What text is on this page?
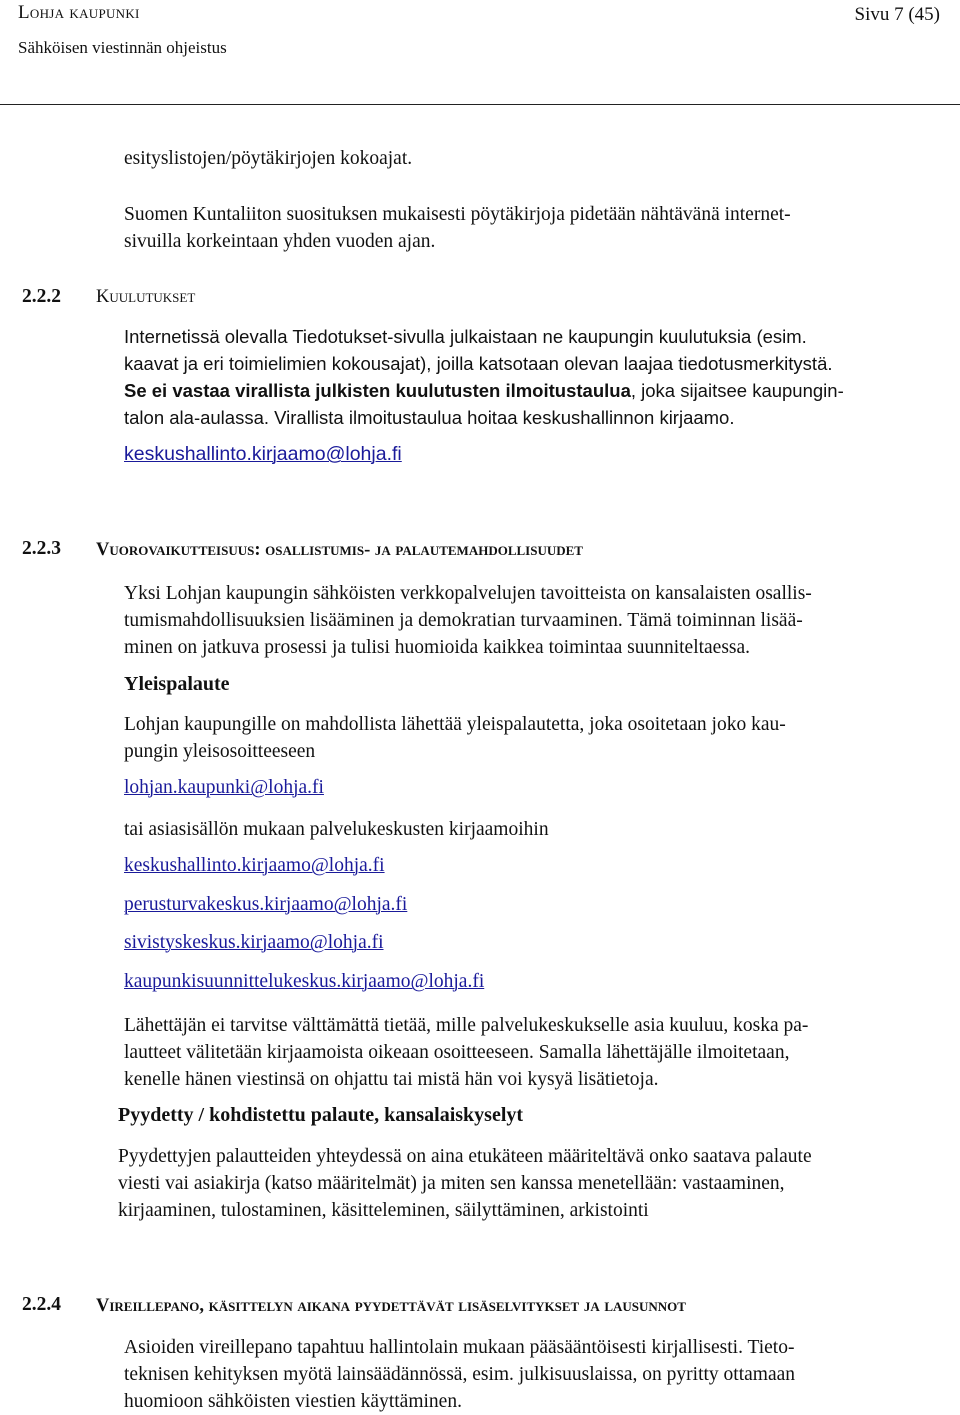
Lohja kaupunki
Sähköisen viestinnän ohjeistus
Sivu 7 (45)
esityslistojen/pöytäkirjojen kokoajat.
Suomen Kuntaliiton suosituksen mukaisesti pöytäkirjoja pidetään nähtävänä internet-
sivuilla korkeintaan yhden vuoden ajan.
2.2.2 Kuulutukset
Internetissä olevalla Tiedotukset-sivulla julkaistaan ne kaupungin kuulutuksia (esim.
kaavat ja eri toimielimien kokousajat), joilla katsotaan olevan laajaa tiedotusmerkitystä.
Se ei vastaa virallista julkisten kuulutusten ilmoitustaulua, joka sijaitsee kaupungin-
talon ala-aulassa. Virallista ilmoitustaulua hoitaa keskushallinnon kirjaamo.
keskushallinto.kirjaamo@lohja.fi
2.2.3 Vuorovaikutteisuus: osallistumis- ja palautemahdollisuudet
Yksi Lohjan kaupungin sähköisten verkkopalvelujen tavoitteista on kansalaisten osallis-
tumismahdollisuuksien lisääminen ja demokratian turvaaminen. Tämä toiminnan lisää-
minen on jatkuva prosessi ja tulisi huomioida kaikkea toimintaa suunniteltaessa.
Yleispalaute
Lohjan kaupungille on mahdollista lähettää yleispalautetta, joka osoitetaan joko kau-
pungin yleisosoitteeseen
lohjan.kaupunki@lohja.fi
tai asiasisällön mukaan palvelukeskusten kirjaamoihin
keskushallinto.kirjaamo@lohja.fi
perusturvakeskus.kirjaamo@lohja.fi
sivistyskeskus.kirjaamo@lohja.fi
kaupunkisuunnittelukeskus.kirjaamo@lohja.fi
Lähettäjän ei tarvitse välttämättä tietää, mille palvelukeskukselle asia kuuluu, koska pa-
lautteet välitetään kirjaamoista oikeaan osoitteeseen. Samalla lähettäjälle ilmoitetaan,
kenelle hänen viestinsä on ohjattu tai mistä hän voi kysyä lisätietoja.
Pyydetty / kohdistettu palaute, kansalaiskyselyt
Pyydettyjen palautteiden yhteydessä on aina etukäteen määriteltävä onko saatava palaute
viesti vai asiakirja (katso määritelmät) ja miten sen kanssa menetellään: vastaaminen,
kirjaaminen, tulostaminen, käsitteleminen, säilyttäminen, arkistointi
2.2.4 Vireillepano, käsittelyn aikana pyydettävät lisäselvitykset ja lausunnot
Asioiden vireillepano tapahtuu hallintolain mukaan pääsääntöisesti kirjallisesti. Tieto-
teknisen kehityksen myötä lainsäädännössä, esim. julkisuuslaissa, on pyritty ottamaan
huomioon sähköisten viestien käyttäminen.
